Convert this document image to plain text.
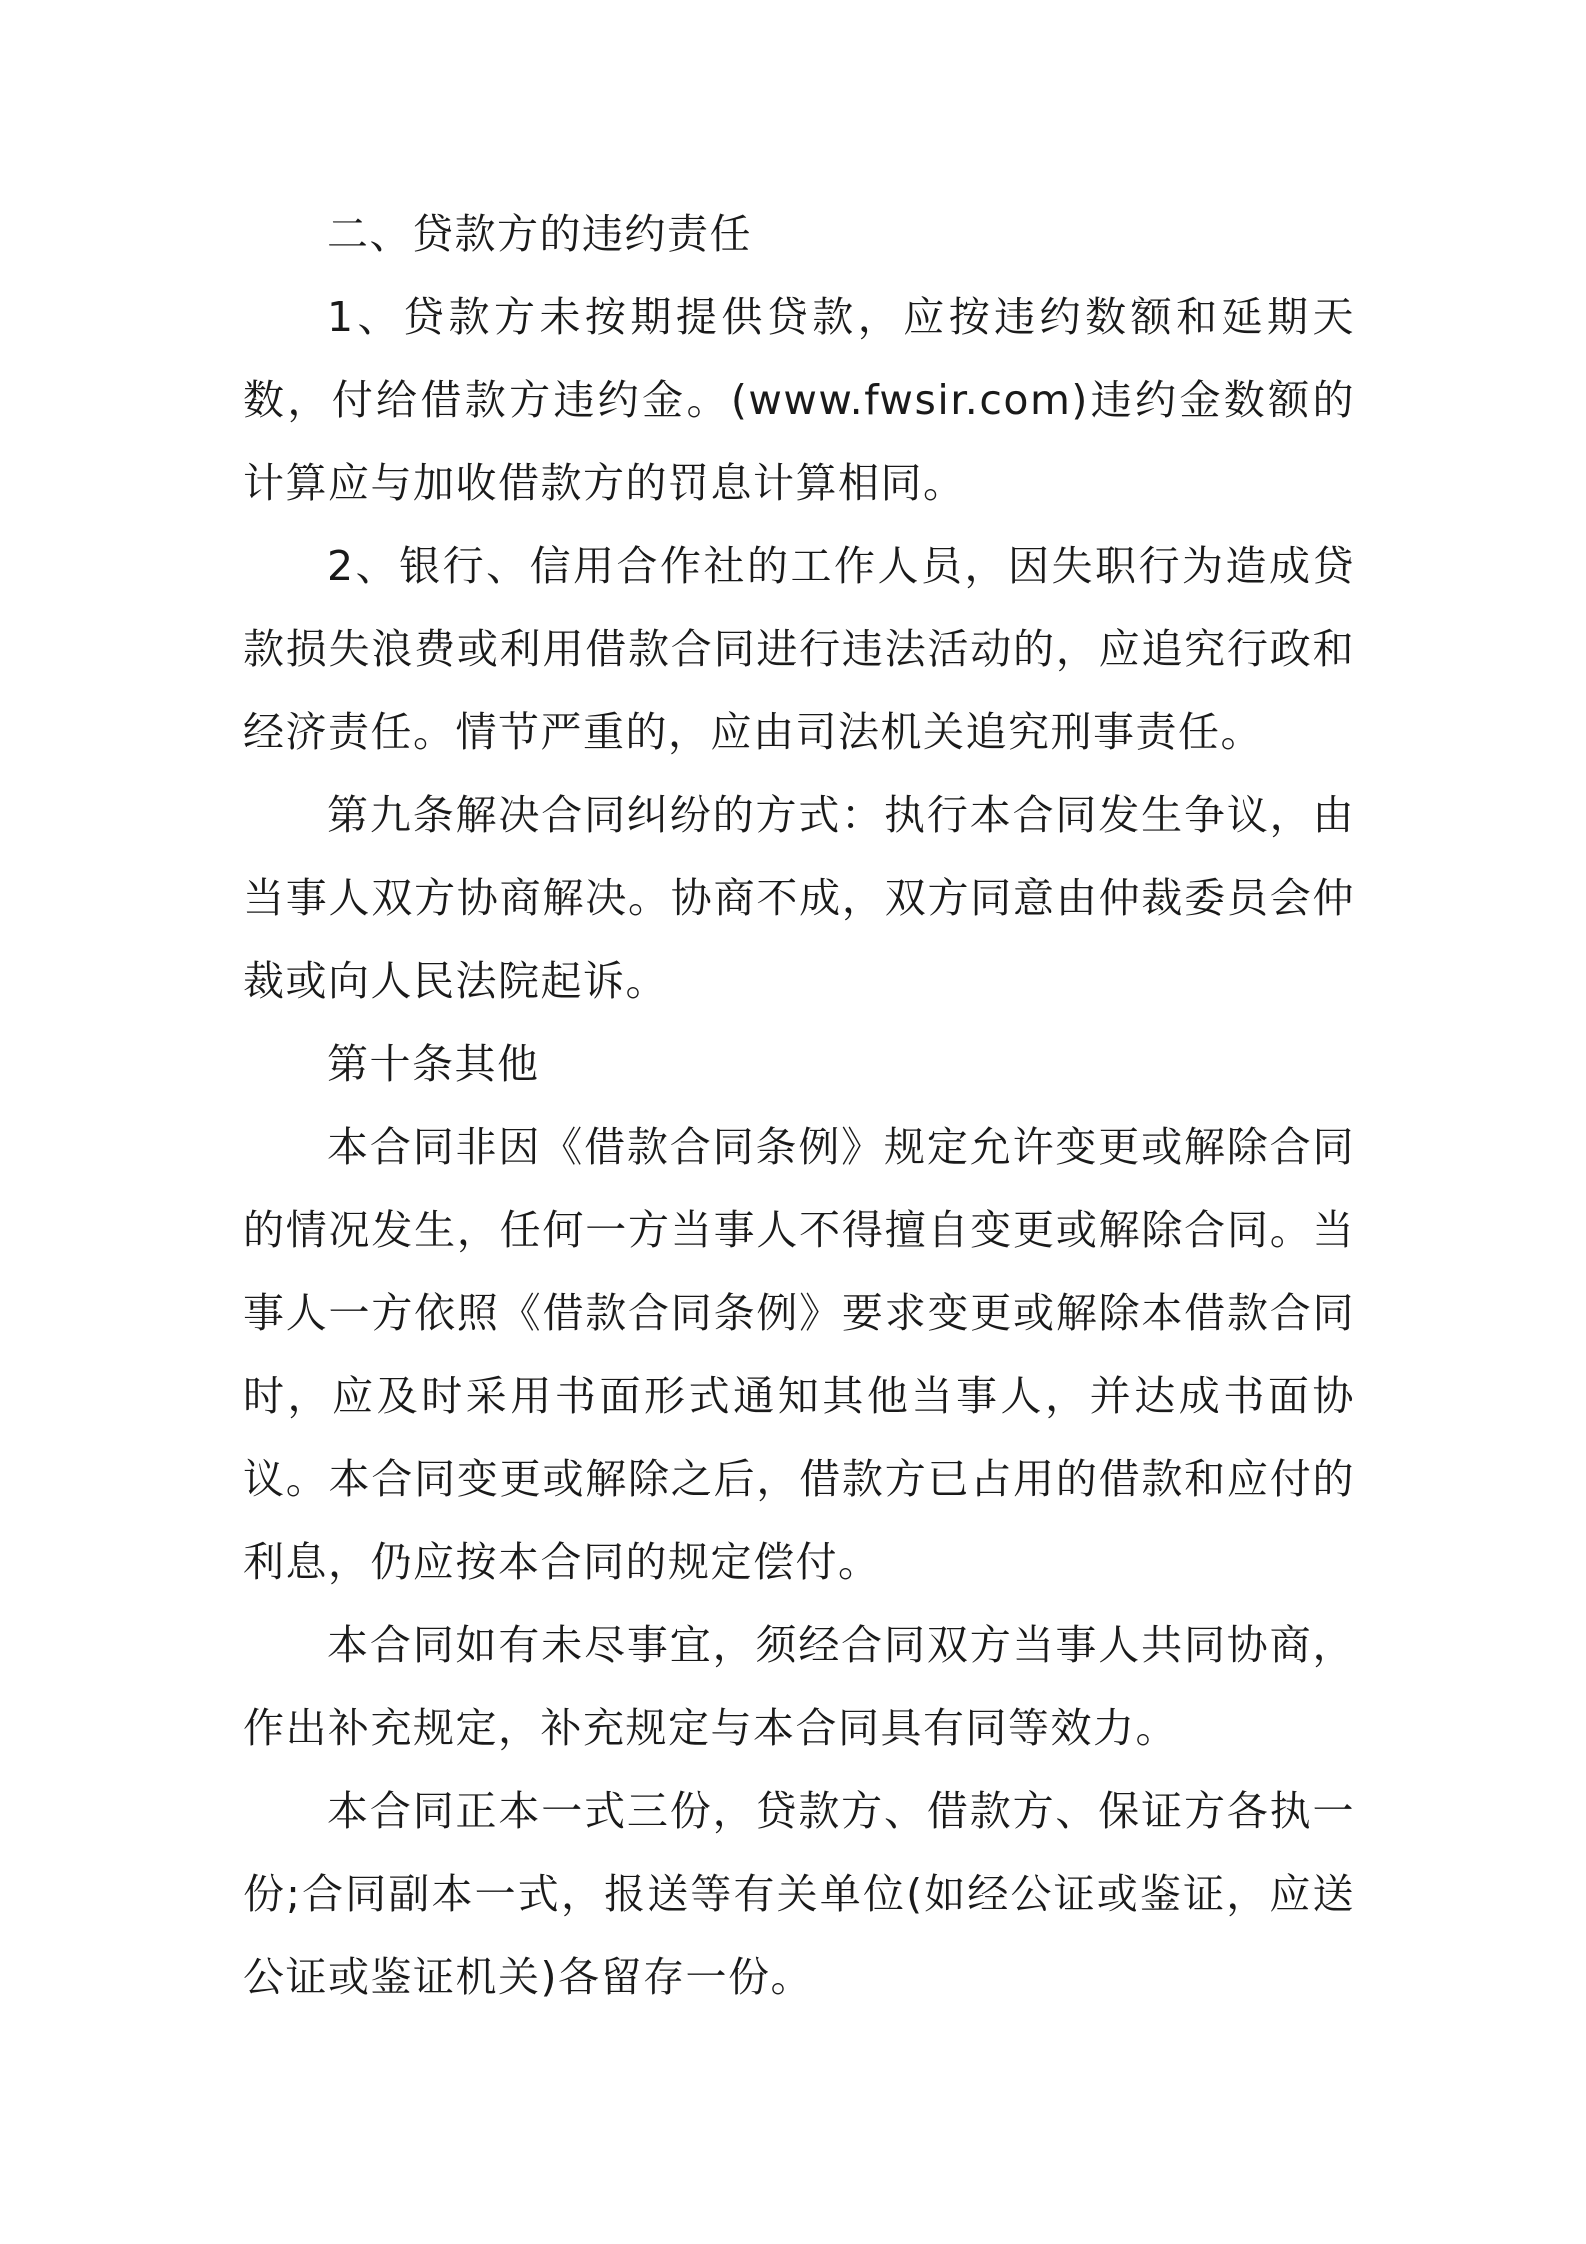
二、贷款方的违约责任

1、贷款方未按期提供贷款，应按违约数额和延期天数，付给借款方违约金。(www.fwsir.com)违约金数额的计算应与加收借款方的罚息计算相同。

2、银行、信用合作社的工作人员，因失职行为造成贷款损失浪费或利用借款合同进行违法活动的，应追究行政和经济责任。情节严重的，应由司法机关追究刑事责任。

第九条解决合同纠纷的方式：执行本合同发生争议，由当事人双方协商解决。协商不成，双方同意由仲裁委员会仲裁或向人民法院起诉。

第十条其他

本合同非因《借款合同条例》规定允许变更或解除合同的情况发生，任何一方当事人不得擅自变更或解除合同。当事人一方依照《借款合同条例》要求变更或解除本借款合同时，应及时采用书面形式通知其他当事人，并达成书面协议。本合同变更或解除之后，借款方已占用的借款和应付的利息，仍应按本合同的规定偿付。

本合同如有未尽事宜，须经合同双方当事人共同协商，作出补充规定，补充规定与本合同具有同等效力。

本合同正本一式三份，贷款方、借款方、保证方各执一份;合同副本一式，报送等有关单位(如经公证或鉴证，应送公证或鉴证机关)各留存一份。
